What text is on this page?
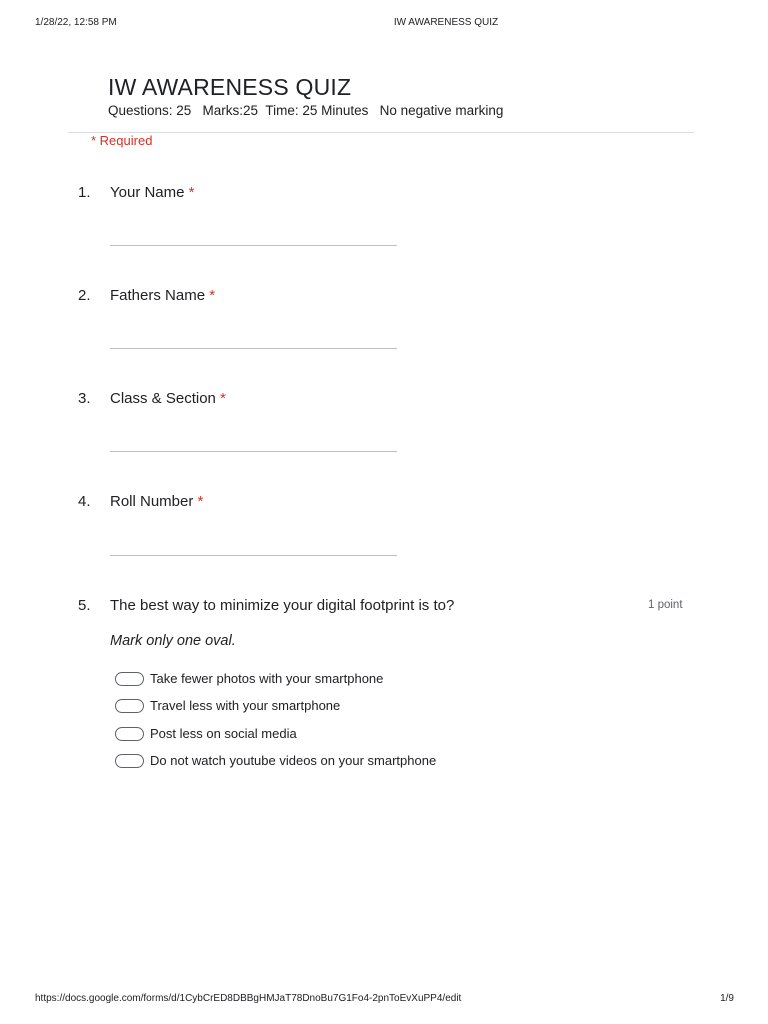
1/28/22, 12:58 PM	IW AWARENESS QUIZ
IW AWARENESS QUIZ
Questions: 25   Marks:25  Time: 25 Minutes   No negative marking
* Required
1. Your Name *
2. Fathers Name *
3. Class & Section *
4. Roll Number *
5. The best way to minimize your digital footprint is to?	1 point
Mark only one oval.
Take fewer photos with your smartphone
Travel less with your smartphone
Post less on social media
Do not watch youtube videos on your smartphone
https://docs.google.com/forms/d/1CybCrED8DBBgHMJaT78DnoBu7G1Fo4-2pnToEvXuPP4/edit	1/9
